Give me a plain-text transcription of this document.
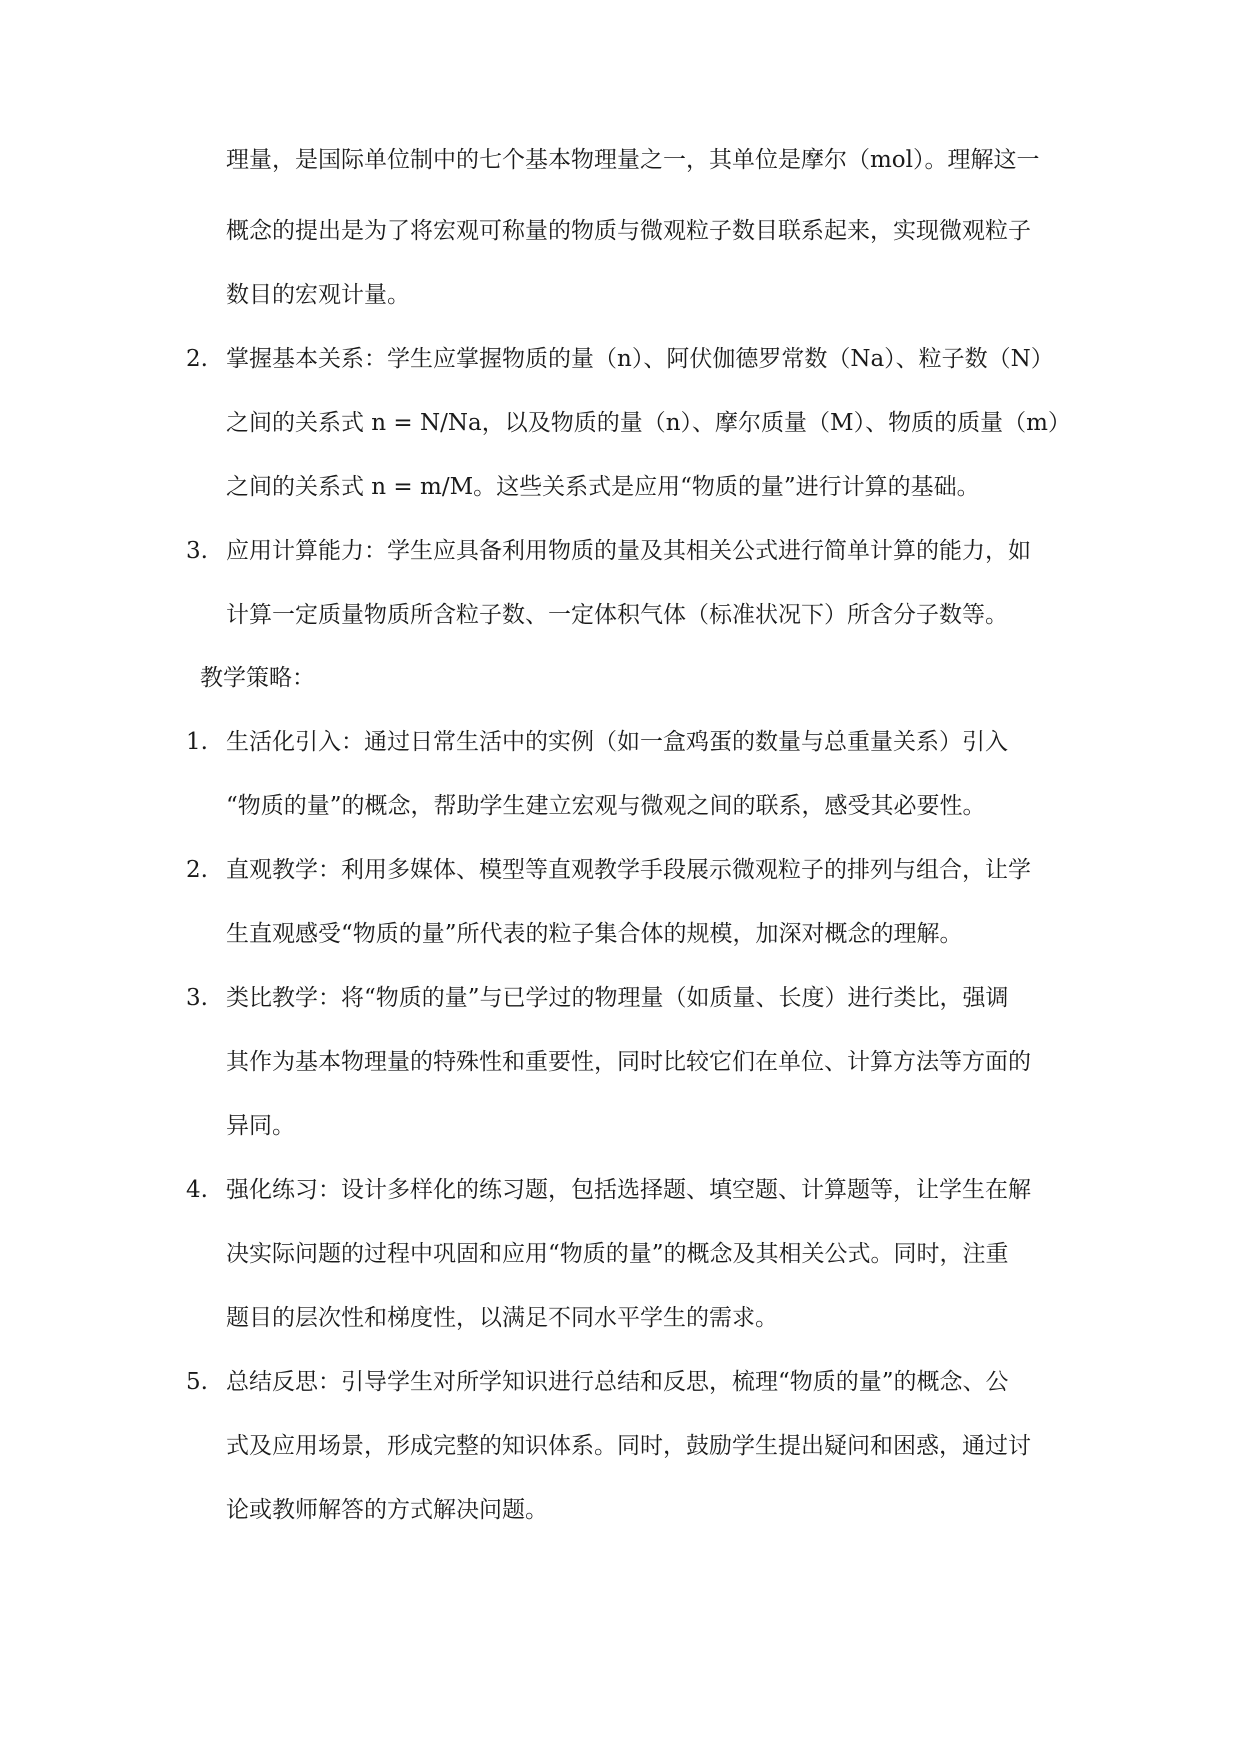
理量，是国际单位制中的七个基本物理量之一，其单位是摩尔（mol）。理解这一
概念的提出是为了将宏观可称量的物质与微观粒子数目联系起来，实现微观粒子
数目的宏观计量。
2. 掌握基本关系：学生应掌握物质的量（n）、阿伏伽德罗常数（Na）、粒子数（N）
之间的关系式 n = N/Na，以及物质的量（n）、摩尔质量（M）、物质的质量（m）
之间的关系式 n = m/M。这些关系式是应用“物质的量”进行计算的基础。
3. 应用计算能力：学生应具备利用物质的量及其相关公式进行简单计算的能力，如
计算一定质量物质所含粒子数、一定体积气体（标准状况下）所含分子数等。
教学策略：
1. 生活化引入：通过日常生活中的实例（如一盒鸡蛋的数量与总重量关系）引入
“物质的量”的概念，帮助学生建立宏观与微观之间的联系，感受其必要性。
2. 直观教学：利用多媒体、模型等直观教学手段展示微观粒子的排列与组合，让学
生直观感受“物质的量”所代表的粒子集合体的规模，加深对概念的理解。
3. 类比教学：将“物质的量”与已学过的物理量（如质量、长度）进行类比，强调
其作为基本物理量的特殊性和重要性，同时比较它们在单位、计算方法等方面的
异同。
4. 强化练习：设计多样化的练习题，包括选择题、填空题、计算题等，让学生在解
决实际问题的过程中巩固和应用“物质的量”的概念及其相关公式。同时，注重
题目的层次性和梯度性，以满足不同水平学生的需求。
5. 总结反思：引导学生对所学知识进行总结和反思，梳理“物质的量”的概念、公
式及应用场景，形成完整的知识体系。同时，鼓励学生提出疑问和困惑，通过讨
论或教师解答的方式解决问题。
